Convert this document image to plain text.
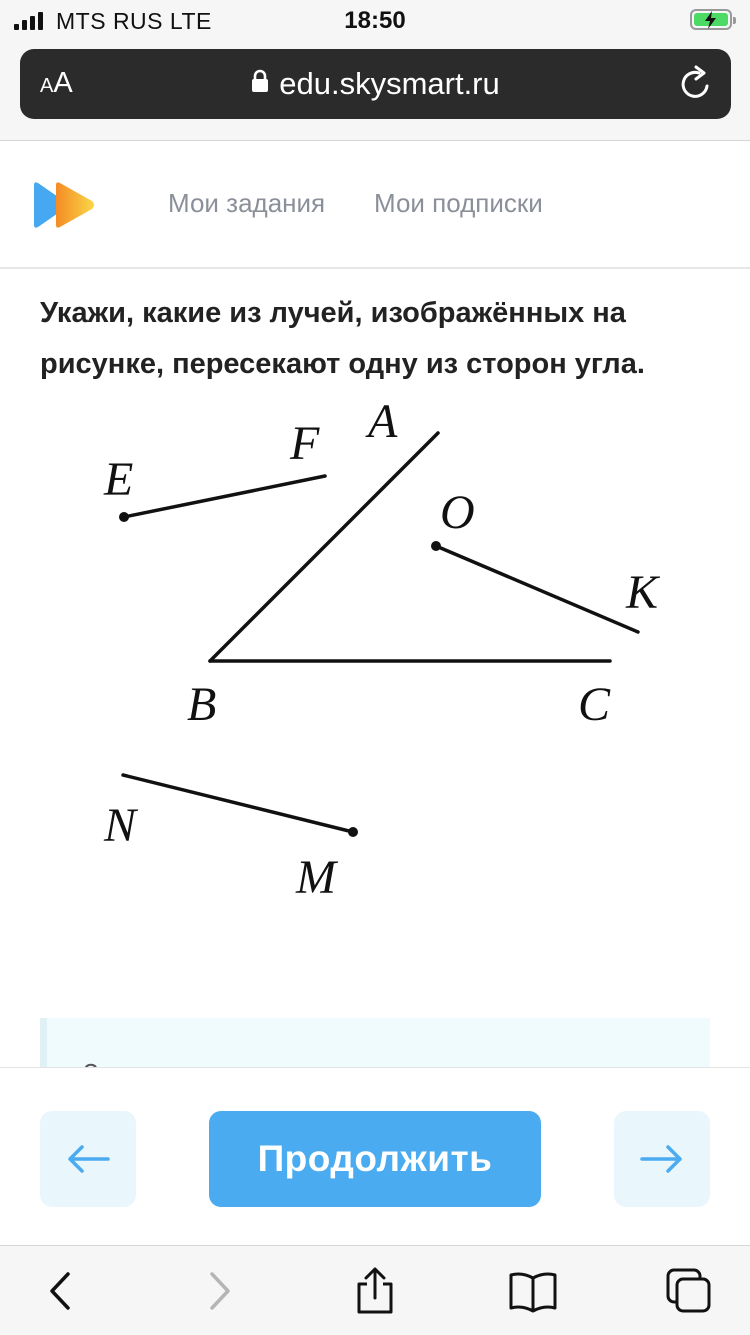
MTS RUS LTE	18:50
AA	edu.skysmart.ru
Мои задания Мои подписки
Укажи, какие из лучей, изображённых на рисунке, пересекают одну из сторон угла.
E
F A
O
K
B	C
N
M
Продолжить
